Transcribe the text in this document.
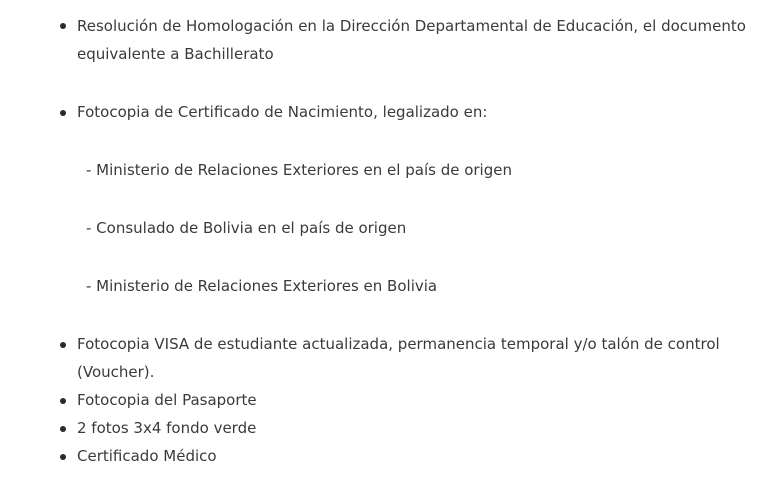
Resolución de Homologación en la Dirección Departamental de Educación, el documento
equivalente a Bachillerato
Fotocopia de Certificado de Nacimiento, legalizado en:
- Ministerio de Relaciones Exteriores en el país de origen
- Consulado de Bolivia en el país de origen
- Ministerio de Relaciones Exteriores en Bolivia
Fotocopia VISA de estudiante actualizada, permanencia temporal y/o talón de control
(Voucher).
Fotocopia del Pasaporte
2 fotos 3x4 fondo verde
Certificado Médico
